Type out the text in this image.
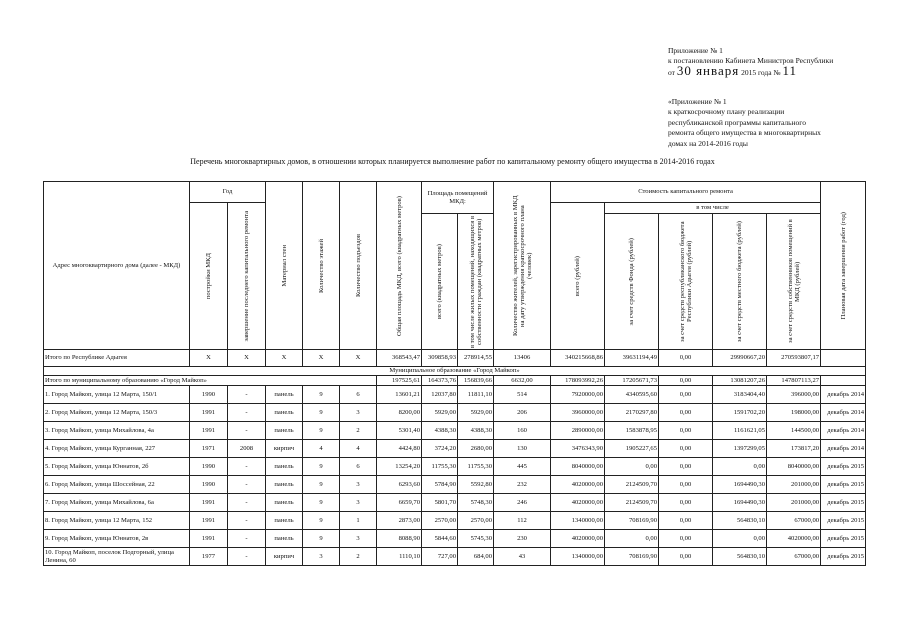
Приложение № 1
к постановлению Кабинета Министров Республики
от 30 января 2015 года № 11
«Приложение № 1
к краткосрочному плану реализации
республиканской программы капитального
ремонта общего имущества в многоквартирных
домах на 2014-2016 годы
Перечень многоквартирных домов, в отношении которых планируется выполнение работ по капитальному ремонту общего имущества в 2014-2016 годах
Адрес многоквартирного дома (далее - МКД)	Год		Материал стен	Количество этажей	Количество подъездов	Общая площадь МКД, всего (квадратных метров)	Площадь помещений МКД:		Количество жителей, зарегистрированных в МКД на дату утверждения краткосрочного плана (человек)	Стоимость капитального ремонта					Плановая дата завершения работ (год)

	постройки МКД	завершение последнего капитального ремонта								всего (рублей)	в том числе				

							всего (квадратных метров)	в том числе жилых помещений, находящихся в собственности граждан (квадратных метров)			за счет средств Фонда (рублей)	за счет средств республиканского бюджета Республики Адыгея (рублей)	за счет средств местного бюджета (рублей)	за счет средств собственников помещений в МКД (рублей)	

Итого по Республике Адыгея	X	X	X	X	X	368543,47	309858,93	278914,55	13406	340215668,86	39631194,49	0,00	29990667,20	270593807,17	
Муниципальное образование «Город Майкоп»															
Итого по муниципальному образованию «Город Майкоп»						197525,61	164373,76	156839,66	6632,00	178093992,26	17205671,73	0,00	13081207,26	147807113,27	
1. Город Майкоп, улица 12 Марта, 150/1	1990	-	панель	9	6	13601,21	12037,80	11811,10	514	7920000,00	4340595,60	0,00	3183404,40	396000,00	декабрь 2014
2. Город Майкоп, улица 12 Марта, 150/3	1991	-	панель	9	3	8200,00	5929,00	5929,00	206	3960000,00	2170297,80	0,00	1591702,20	198000,00	декабрь 2014
3. Город Майкоп, улица Михайлова, 4а	1991	-	панель	9	2	5301,40	4388,30	4388,30	160	2890000,00	1583878,95	0,00	1161621,05	144500,00	декабрь 2014
4. Город Майкоп, улица Курганная, 227	1971	2008	кирпич	4	4	4424,80	3724,20	2680,00	130	3476343,90	1905227,65	0,00	1397299,05	173817,20	декабрь 2014
5. Город Майкоп, улица Юннатов, 2б	1990	-	панель	9	6	13254,20	11755,30	11755,30	445	8040000,00	0,00	0,00	0,00	8040000,00	декабрь 2015
6. Город Майкоп, улица Шоссейная, 22	1990	-	панель	9	3	6293,60	5784,90	5592,80	232	4020000,00	2124509,70	0,00	1694490,30	201000,00	декабрь 2015
7. Город Майкоп, улица Михайлова, 6а	1991	-	панель	9	3	6659,70	5801,70	5748,30	246	4020000,00	2124509,70	0,00	1694490,30	201000,00	декабрь 2015
8. Город Майкоп, улица 12 Марта, 152	1991	-	панель	9	1	2873,00	2570,00	2570,00	112	1340000,00	708169,90	0,00	564830,10	67000,00	декабрь 2015
9. Город Майкоп, улица Юннатов, 2в	1991	-	панель	9	3	8088,90	5844,60	5745,30	230	4020000,00	0,00	0,00	0,00	4020000,00	декабрь 2015
10. Город Майкоп, поселок Подгорный, улица Ленина, 60	1977	-	кирпич	3	2	1110,10	727,00	684,00	43	1340000,00	708169,90	0,00	564830,10	67000,00	декабрь 2015
